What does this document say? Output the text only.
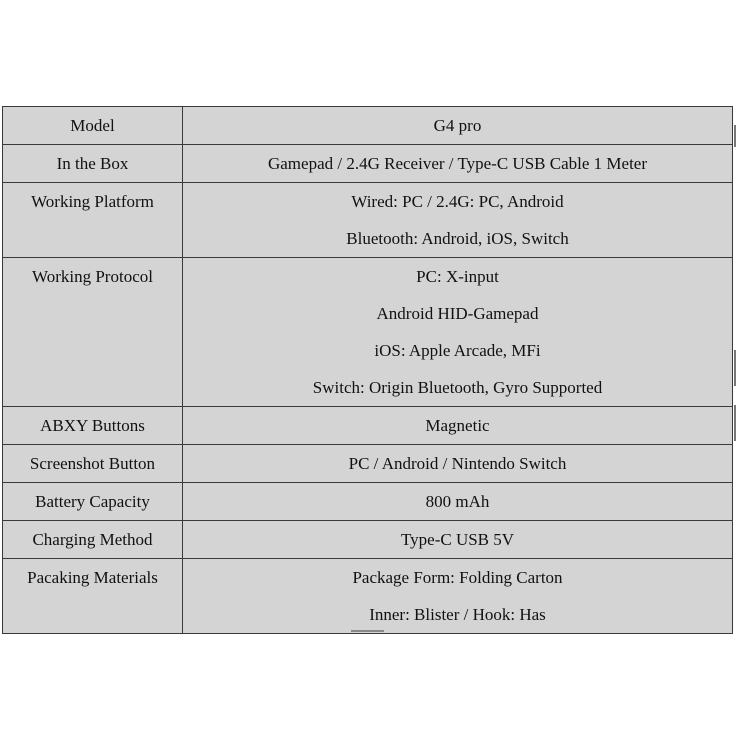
Model	G4 pro

In the Box	Gamepad / 2.4G Receiver / Type-C USB Cable 1 Meter

Working Platform	Wired: PC / 2.4G: PC, Android
Bluetooth: Android, iOS, Switch

Working Protocol	PC: X-input
Android HID-Gamepad
iOS: Apple Arcade, MFi
Switch: Origin Bluetooth, Gyro Supported

ABXY Buttons	Magnetic

Screenshot Button	PC / Android / Nintendo Switch

Battery Capacity	800 mAh

Charging Method	Type-C USB 5V

Pacaking Materials	Package Form: Folding Carton
Inner: Blister / Hook: Has
